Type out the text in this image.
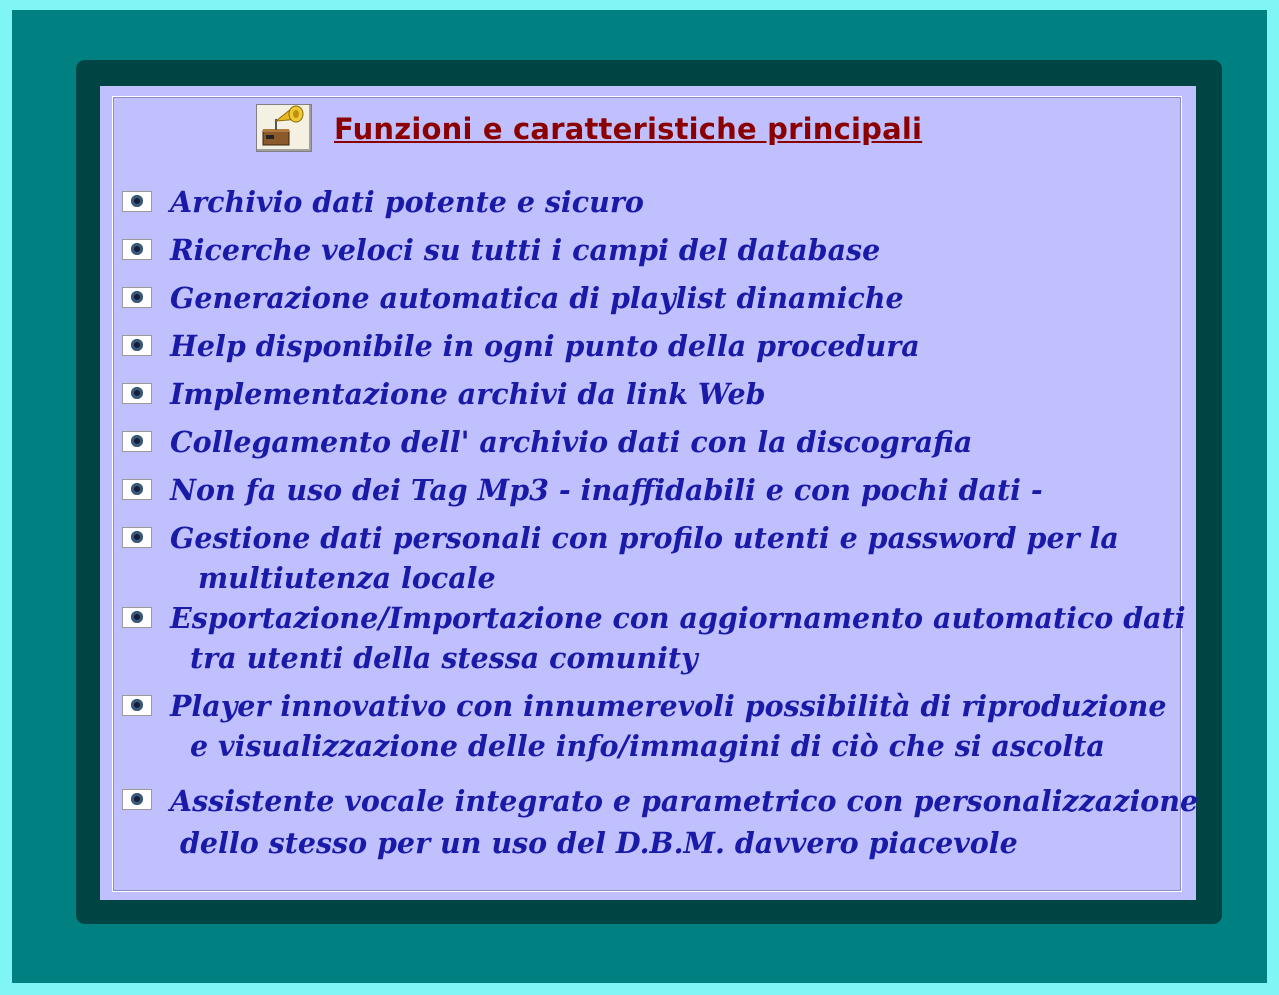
Funzioni e caratteristiche principali
Archivio dati potente e sicuro
Ricerche veloci su tutti i campi del database
Generazione automatica di playlist dinamiche
Help disponibile in ogni punto della procedura
Implementazione archivi da link Web
Collegamento dell' archivio dati con la discografia
Non fa uso dei Tag Mp3 - inaffidabili e con pochi dati -
Gestione dati personali con profilo utenti e password per la
multiutenza locale
Esportazione/Importazione con aggiornamento automatico dati
tra utenti della stessa comunity
Player innovativo con innumerevoli possibilità di riproduzione
e visualizzazione delle info/immagini di ciò che si ascolta
Assistente vocale integrato e parametrico con personalizzazione
dello stesso per un uso del D.B.M. davvero piacevole
